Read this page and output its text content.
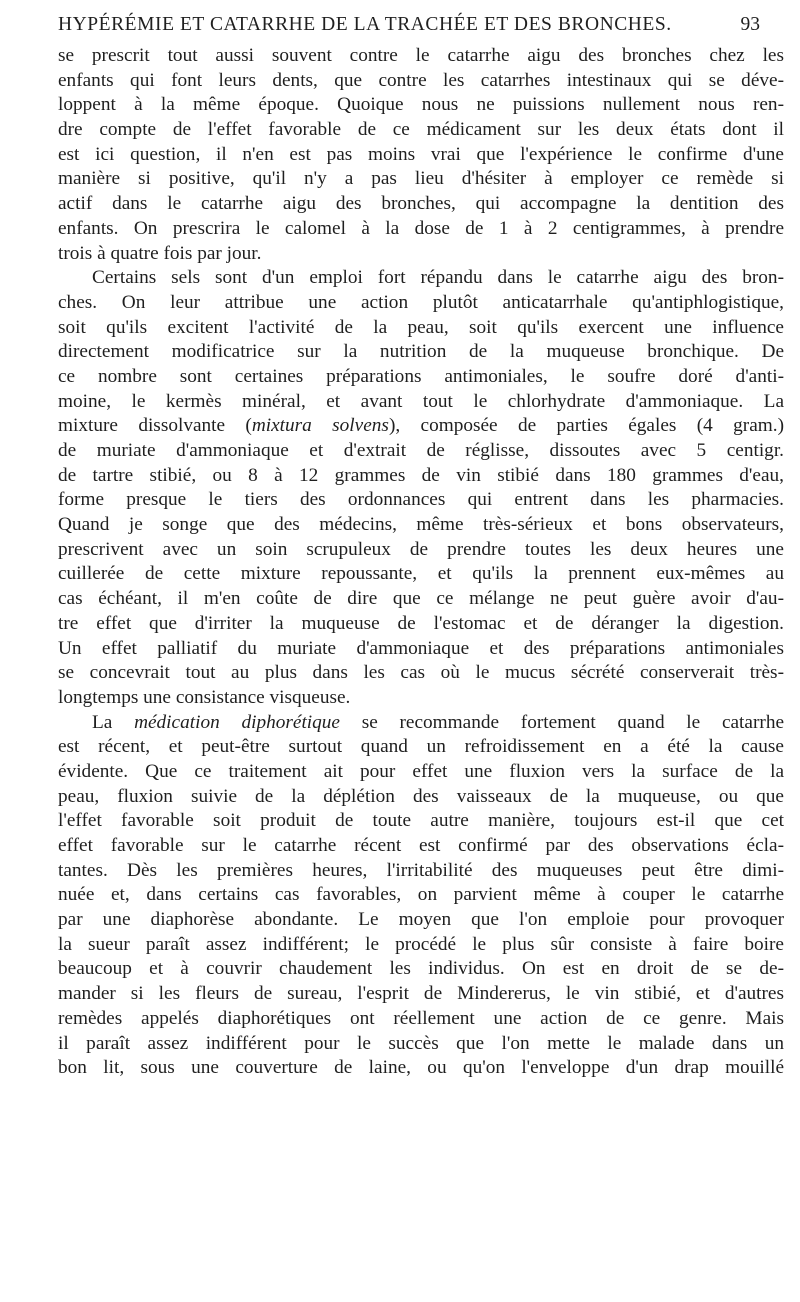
HYPÉRÉMIE ET CATARRHE DE LA TRACHÉE ET DES BRONCHES.	93
se prescrit tout aussi souvent contre le catarrhe aigu des bronches chez les
enfants qui font leurs dents, que contre les catarrhes intestinaux qui se déve-
loppent à la même époque. Quoique nous ne puissions nullement nous ren-
dre compte de l'effet favorable de ce médicament sur les deux états dont il
est ici question, il n'en est pas moins vrai que l'expérience le confirme d'une
manière si positive, qu'il n'y a pas lieu d'hésiter à employer ce remède si
actif dans le catarrhe aigu des bronches, qui accompagne la dentition des
enfants. On prescrira le calomel à la dose de 1 à 2 centigrammes, à prendre
trois à quatre fois par jour.
Certains sels sont d'un emploi fort répandu dans le catarrhe aigu des bron-
ches. On leur attribue une action plutôt anticatarrhale qu'antiphlogistique,
soit qu'ils excitent l'activité de la peau, soit qu'ils exercent une influence
directement modificatrice sur la nutrition de la muqueuse bronchique. De
ce nombre sont certaines préparations antimoniales, le soufre doré d'anti-
moine, le kermès minéral, et avant tout le chlorhydrate d'ammoniaque. La
mixture dissolvante (mixtura solvens), composée de parties égales (4 gram.)
de muriate d'ammoniaque et d'extrait de réglisse, dissoutes avec 5 centigr.
de tartre stibié, ou 8 à 12 grammes de vin stibié dans 180 grammes d'eau,
forme presque le tiers des ordonnances qui entrent dans les pharmacies.
Quand je songe que des médecins, même très-sérieux et bons observateurs,
prescrivent avec un soin scrupuleux de prendre toutes les deux heures une
cuillerée de cette mixture repoussante, et qu'ils la prennent eux-mêmes au
cas échéant, il m'en coûte de dire que ce mélange ne peut guère avoir d'au-
tre effet que d'irriter la muqueuse de l'estomac et de déranger la digestion.
Un effet palliatif du muriate d'ammoniaque et des préparations antimoniales
se concevrait tout au plus dans les cas où le mucus sécrété conserverait très-
longtemps une consistance visqueuse.
La médication diphorétique se recommande fortement quand le catarrhe
est récent, et peut-être surtout quand un refroidissement en a été la cause
évidente. Que ce traitement ait pour effet une fluxion vers la surface de la
peau, fluxion suivie de la déplétion des vaisseaux de la muqueuse, ou que
l'effet favorable soit produit de toute autre manière, toujours est-il que cet
effet favorable sur le catarrhe récent est confirmé par des observations écla-
tantes. Dès les premières heures, l'irritabilité des muqueuses peut être dimi-
nuée et, dans certains cas favorables, on parvient même à couper le catarrhe
par une diaphorèse abondante. Le moyen que l'on emploie pour provoquer
la sueur paraît assez indifférent; le procédé le plus sûr consiste à faire boire
beaucoup et à couvrir chaudement les individus. On est en droit de se de-
mander si les fleurs de sureau, l'esprit de Mindererus, le vin stibié, et d'autres
remèdes appelés diaphorétiques ont réellement une action de ce genre. Mais
il paraît assez indifférent pour le succès que l'on mette le malade dans un
bon lit, sous une couverture de laine, ou qu'on l'enveloppe d'un drap mouillé
